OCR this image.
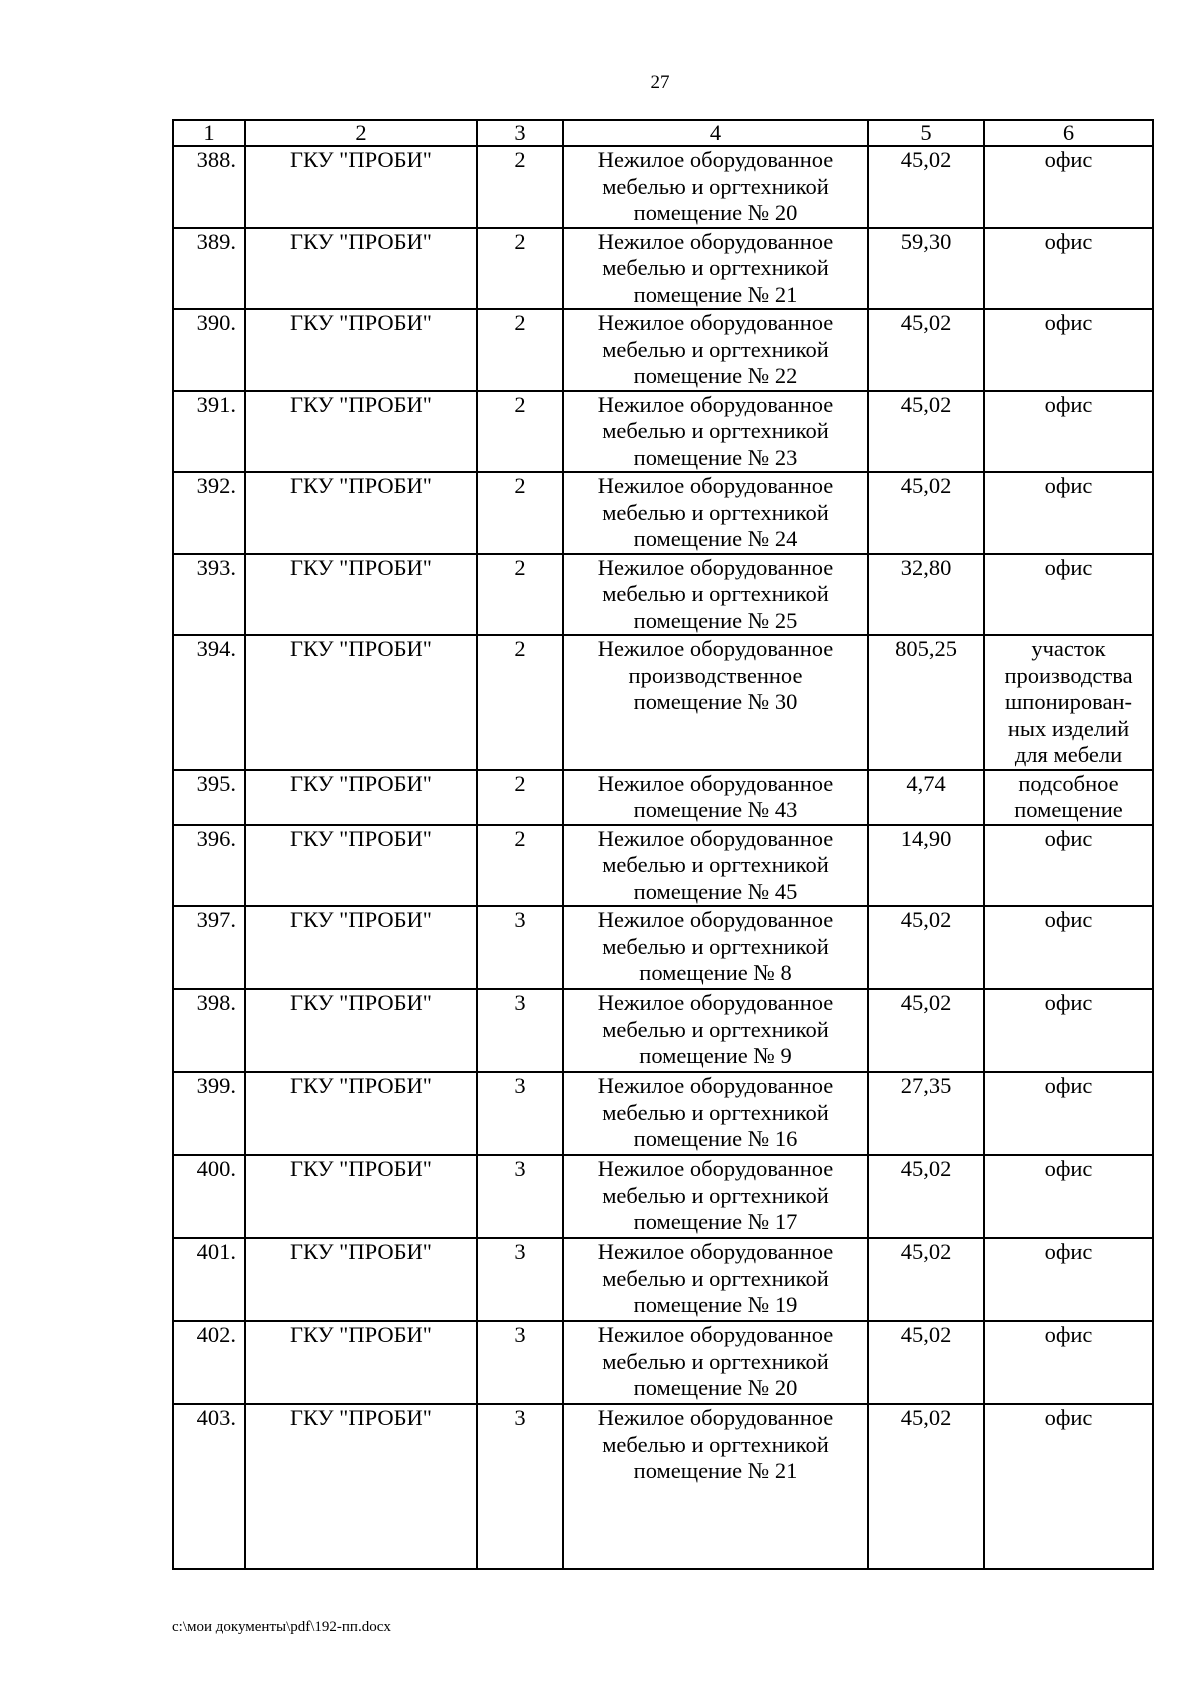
27
1	2	3	4	5	6
388.	ГКУ "ПРОБИ"	2	Нежилое оборудованное
мебелью и оргтехникой
помещение № 20	45,02	офис
389.	ГКУ "ПРОБИ"	2	Нежилое оборудованное
мебелью и оргтехникой
помещение № 21	59,30	офис
390.	ГКУ "ПРОБИ"	2	Нежилое оборудованное
мебелью и оргтехникой
помещение № 22	45,02	офис
391.	ГКУ "ПРОБИ"	2	Нежилое оборудованное
мебелью и оргтехникой
помещение № 23	45,02	офис
392.	ГКУ "ПРОБИ"	2	Нежилое оборудованное
мебелью и оргтехникой
помещение № 24	45,02	офис
393.	ГКУ "ПРОБИ"	2	Нежилое оборудованное
мебелью и оргтехникой
помещение № 25	32,80	офис
394.	ГКУ "ПРОБИ"	2	Нежилое оборудованное
производственное
помещение № 30	805,25	участок
производства
шпонирован-
ных изделий
для мебели
395.	ГКУ "ПРОБИ"	2	Нежилое оборудованное
помещение № 43	4,74	подсобное
помещение
396.	ГКУ "ПРОБИ"	2	Нежилое оборудованное
мебелью и оргтехникой
помещение № 45	14,90	офис
397.	ГКУ "ПРОБИ"	3	Нежилое оборудованное
мебелью и оргтехникой
помещение № 8	45,02	офис
398.	ГКУ "ПРОБИ"	3	Нежилое оборудованное
мебелью и оргтехникой
помещение № 9	45,02	офис
399.	ГКУ "ПРОБИ"	3	Нежилое оборудованное
мебелью и оргтехникой
помещение № 16	27,35	офис
400.	ГКУ "ПРОБИ"	3	Нежилое оборудованное
мебелью и оргтехникой
помещение № 17	45,02	офис
401.	ГКУ "ПРОБИ"	3	Нежилое оборудованное
мебелью и оргтехникой
помещение № 19	45,02	офис
402.	ГКУ "ПРОБИ"	3	Нежилое оборудованное
мебелью и оргтехникой
помещение № 20	45,02	офис
403.	ГКУ "ПРОБИ"	3	Нежилое оборудованное
мебелью и оргтехникой
помещение № 21	45,02	офис
c:\мои документы\pdf\192-пп.docx
